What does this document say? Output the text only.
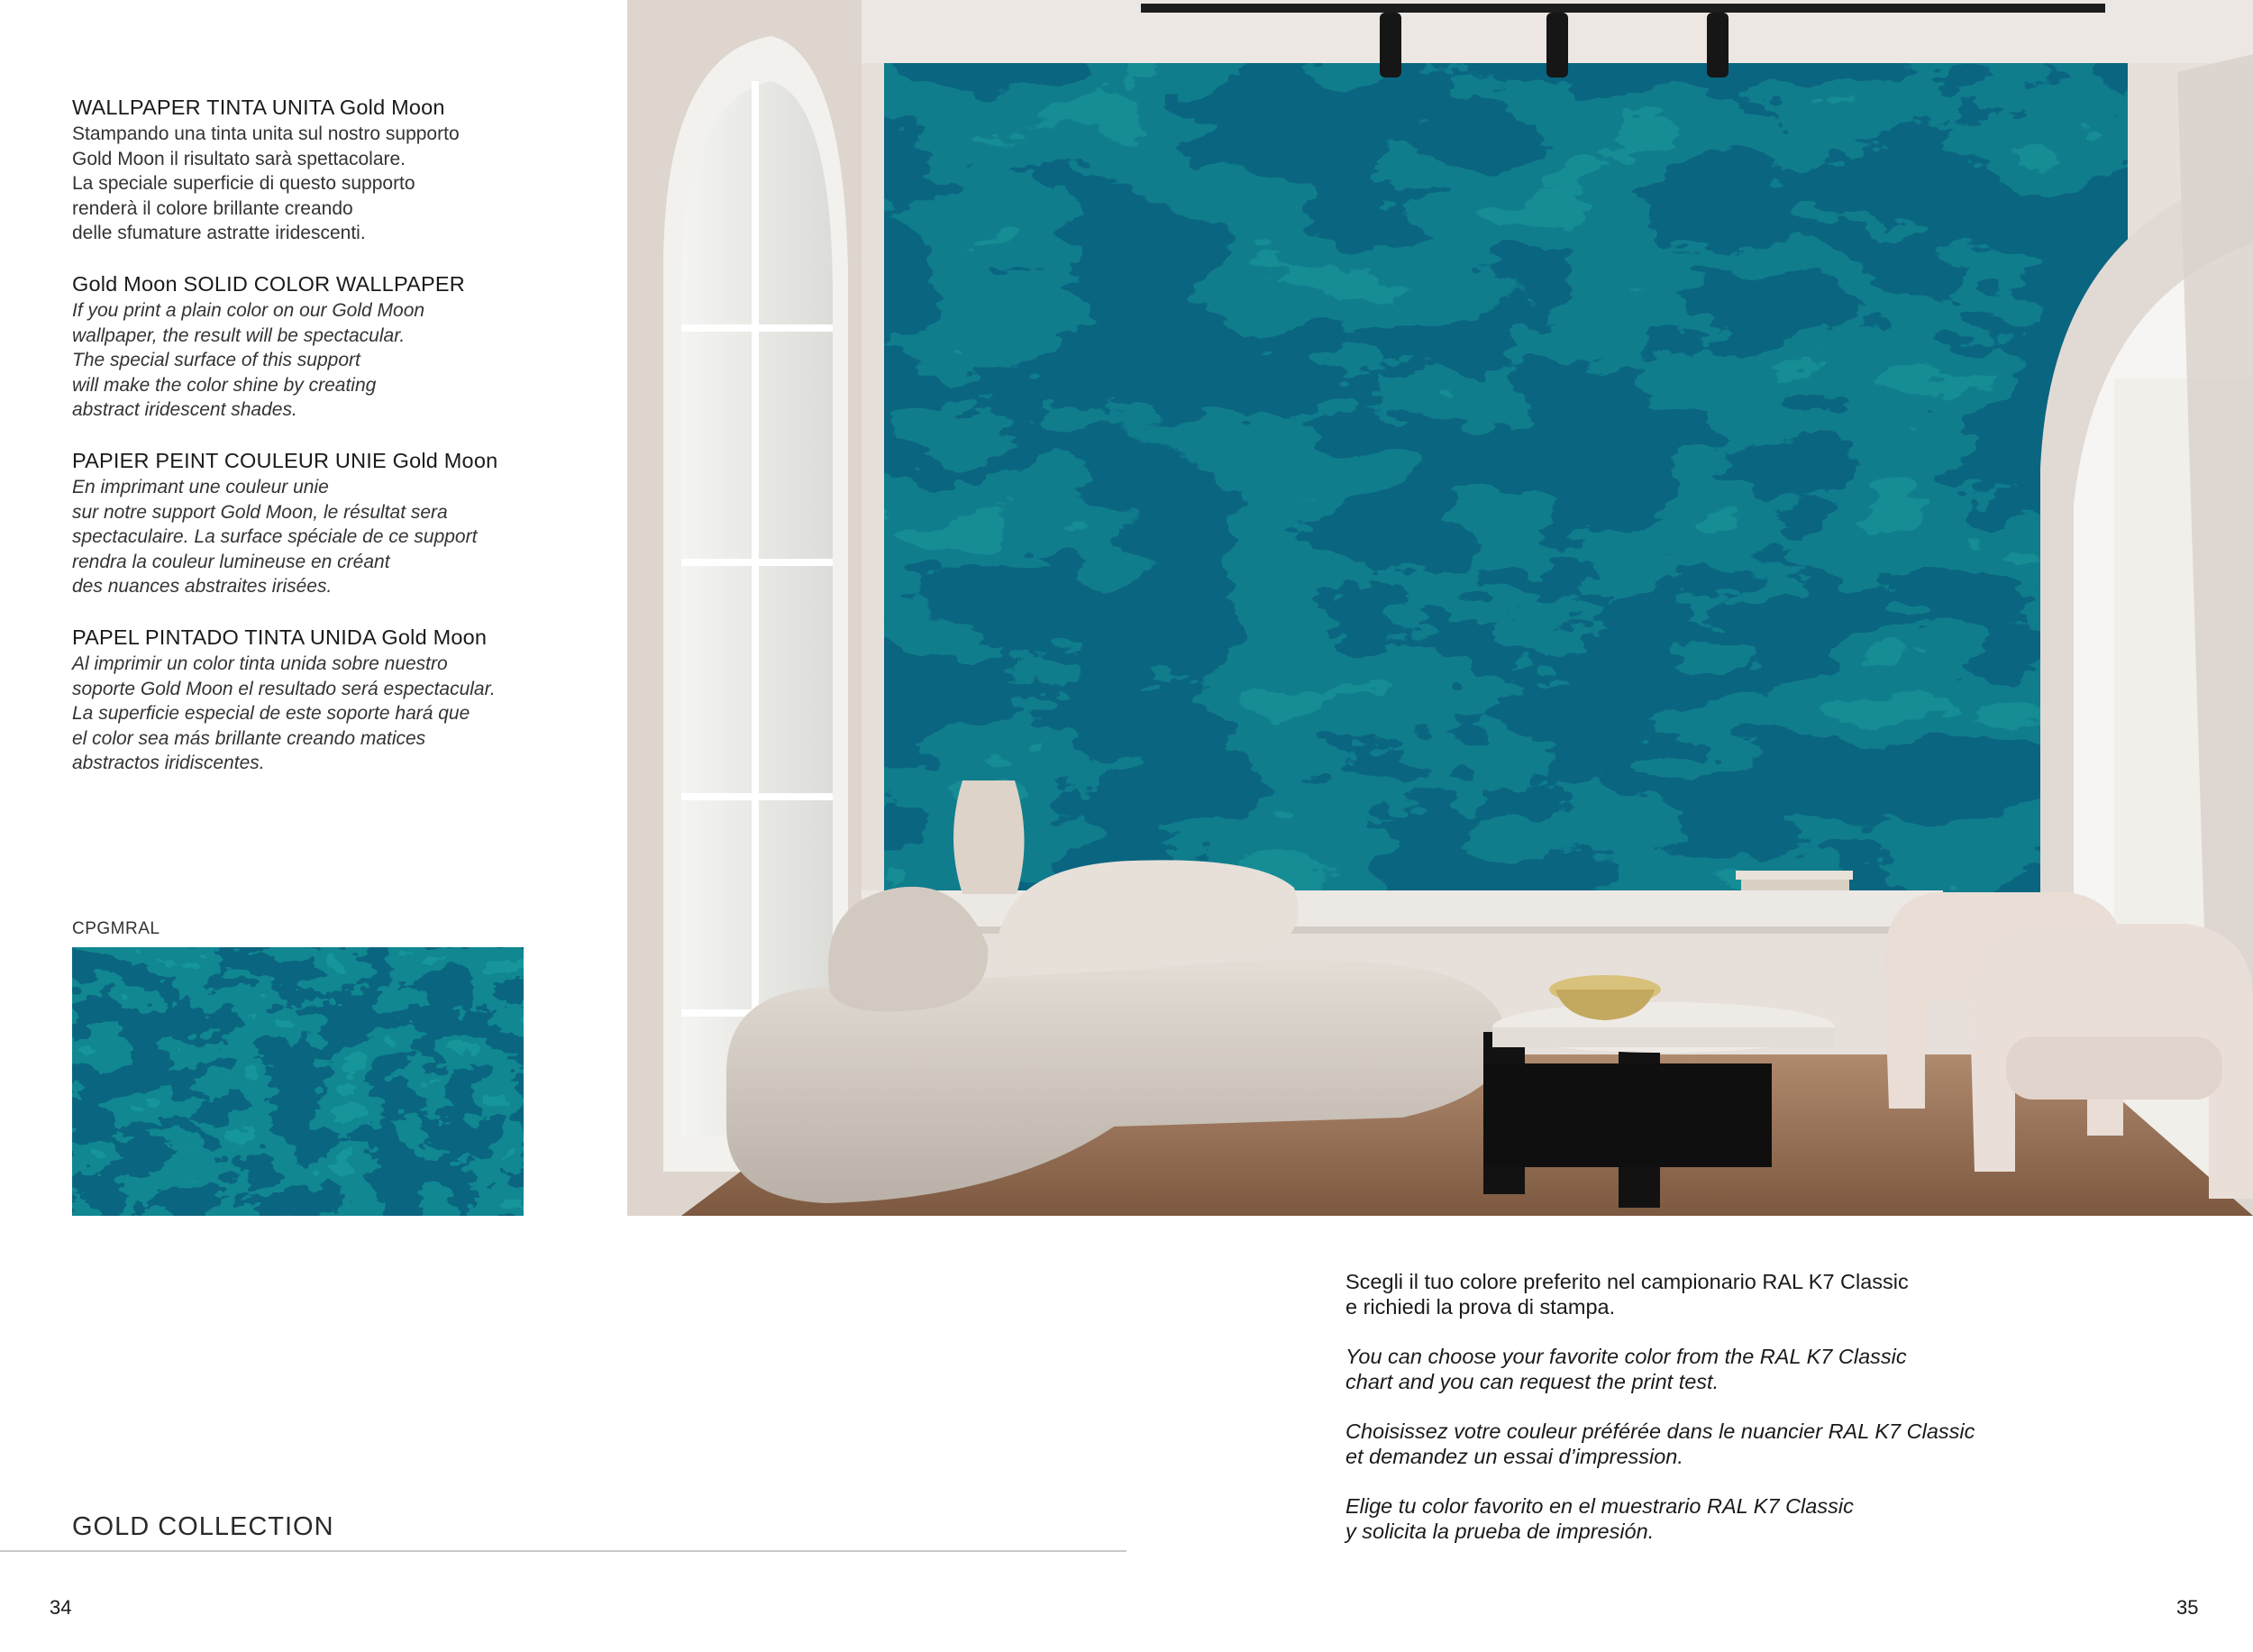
WALLPAPER TINTA UNITA Gold Moon
Stampando una tinta unita sul nostro supporto
Gold Moon il risultato sarà spettacolare.
La speciale superficie di questo supporto
renderà il colore brillante creando
delle sfumature astratte iridescenti.
Gold Moon SOLID COLOR WALLPAPER
If you print a plain color on our Gold Moon
wallpaper, the result will be spectacular.
The special surface of this support
will make the color shine by creating
abstract iridescent shades.
PAPIER PEINT COULEUR UNIE Gold Moon
En imprimant une couleur unie
sur notre support Gold Moon, le résultat sera
spectaculaire. La surface spéciale de ce support
rendra la couleur lumineuse en créant
des nuances abstraites irisées.
PAPEL PINTADO TINTA UNIDA Gold Moon
Al imprimir un color tinta unida sobre nuestro
soporte Gold Moon el resultado será espectacular.
La superficie especial de este soporte hará que
el color sea más brillante creando matices
abstractos iridiscentes.
CPGMRAL

Scegli il tuo colore preferito nel campionario RAL K7 Classic
e richiedi la prova di stampa.

You can choose your favorite color from the RAL K7 Classic
chart and you can request the print test.

Choisissez votre couleur préférée dans le nuancier RAL K7 Classic
et demandez un essai d’impression.

Elige tu color favorito en el muestrario RAL K7 Classic
y solicita la prueba de impresión.

GOLD COLLECTION
34	35
